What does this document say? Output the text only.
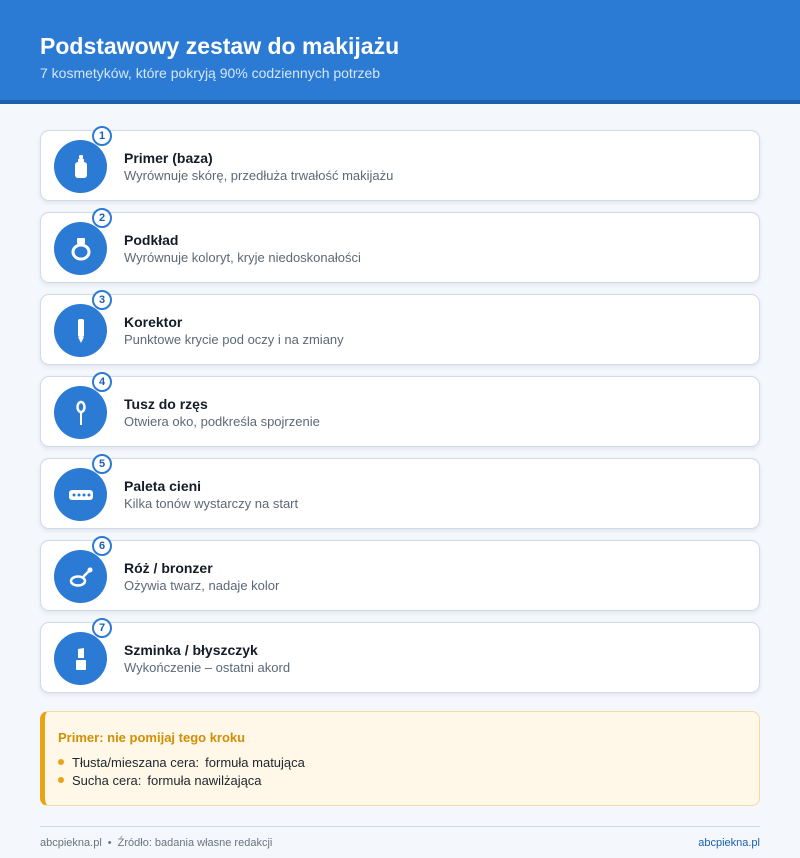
Podstawowy zestaw do makijażu
7 kosmetyków, które pokryją 90% codziennych potrzeb
1
Primer (baza)
Wyrównuje skórę, przedłuża trwałość makijażu
2
Podkład
Wyrównuje koloryt, kryje niedoskonałości
3
Korektor
Punktowe krycie pod oczy i na zmiany
4
Tusz do rzęs
Otwiera oko, podkreśla spojrzenie
5
Paleta cieni
Kilka tonów wystarczy na start
6
Róż / bronzer
Ożywia twarz, nadaje kolor
7
Szminka / błyszczyk
Wykończenie – ostatni akord
Primer: nie pomijaj tego kroku
Tłusta/mieszana cera: formuła matująca
Sucha cera: formuła nawilżająca
abcpiekna.pl • Źródło: badania własne redakcji	abcpiekna.pl
